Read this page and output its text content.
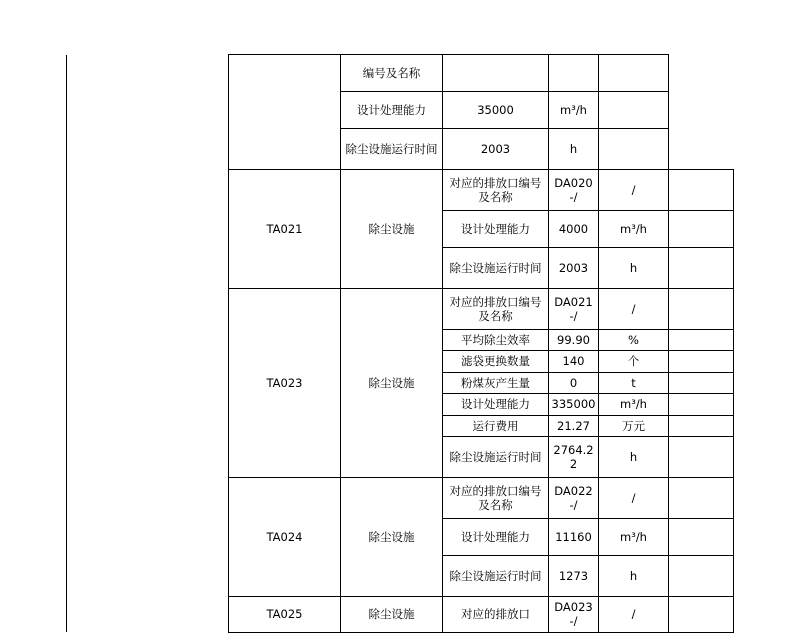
		编号及名称				
		设计处理能力	35000	m³/h		
		除尘设施运行时间	2003	h		
	TA021	除尘设施	对应的排放口编号及名称	DA020-/	/	
			设计处理能力	4000	m³/h	
			除尘设施运行时间	2003	h	
	TA023	除尘设施	对应的排放口编号及名称	DA021-/	/	
			平均除尘效率	99.90	%	
			滤袋更换数量	140	个	
			粉煤灰产生量	0	t	
			设计处理能力	335000	m³/h	
			运行费用	21.27	万元	
			除尘设施运行时间	2764.22	h	
	TA024	除尘设施	对应的排放口编号及名称	DA022-/	/	
			设计处理能力	11160	m³/h	
			除尘设施运行时间	1273	h	
	TA025	除尘设施	对应的排放口	DA023-/	/	
